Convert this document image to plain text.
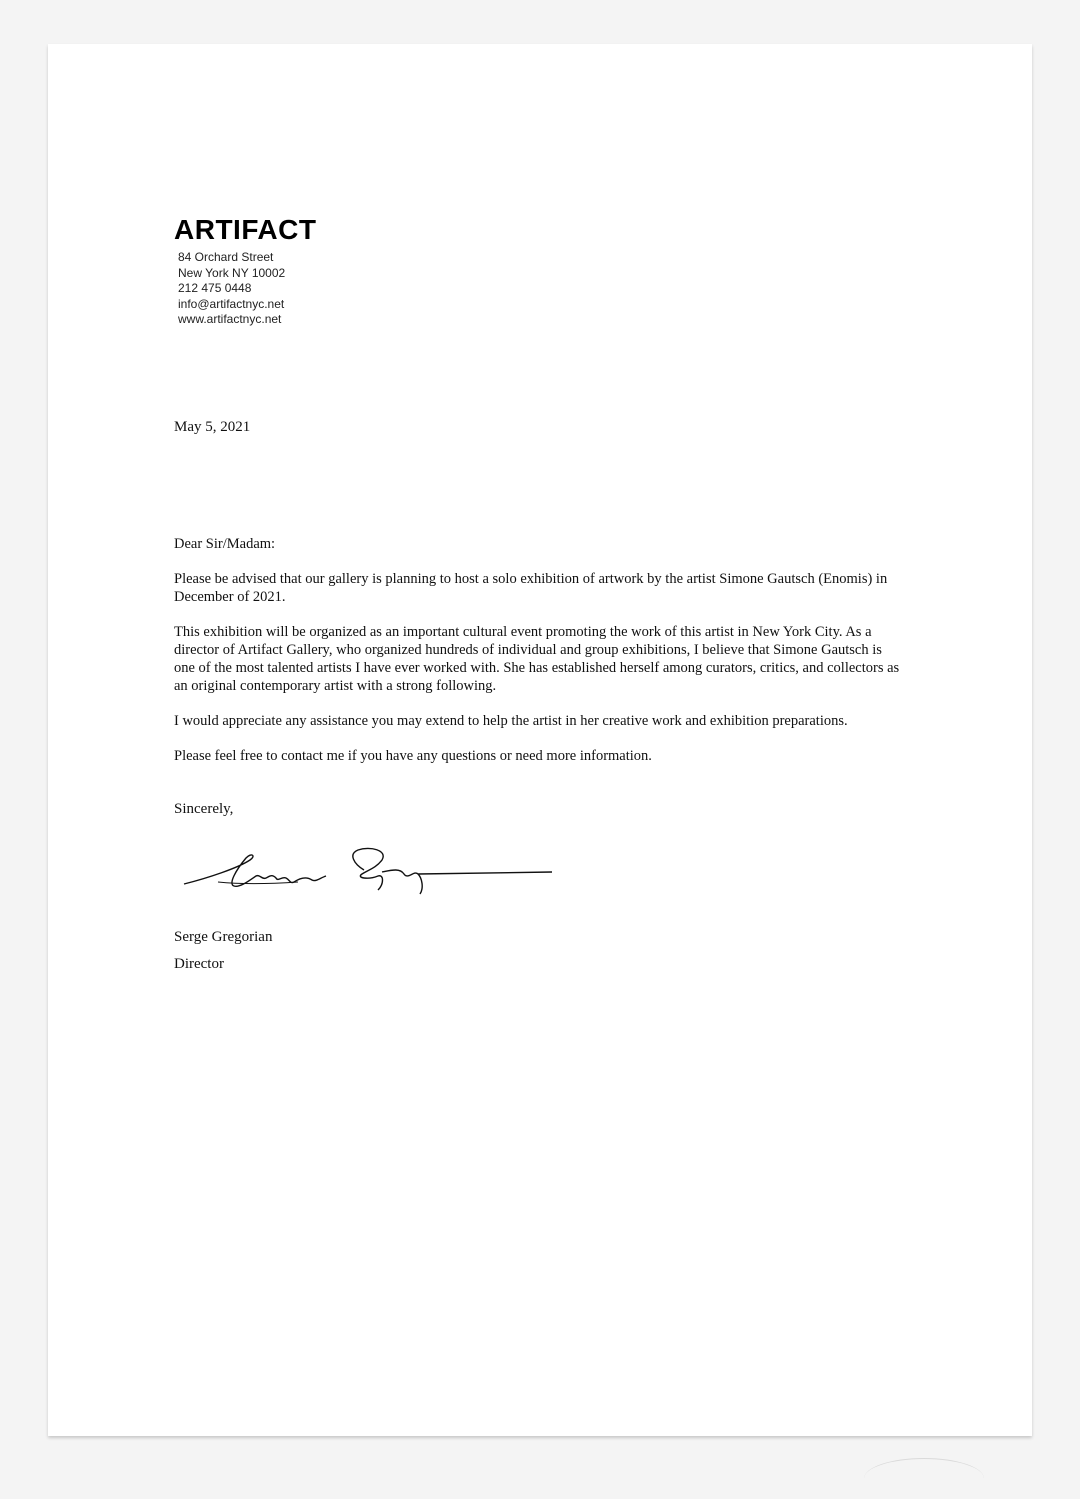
ARTIFACT
84 Orchard Street
New York NY 10002
212 475 0448
info@artifactnyc.net
www.artifactnyc.net
May 5, 2021

Dear Sir/Madam:

Please be advised that our gallery is planning to host a solo exhibition of artwork by the artist Simone Gautsch (Enomis) in December of 2021.

This exhibition will be organized as an important cultural event promoting the work of this artist in New York City. As a director of Artifact Gallery, who organized hundreds of individual and group exhibitions, I believe that Simone Gautsch is one of the most talented artists I have ever worked with. She has established herself among curators, critics, and collectors as an original contemporary artist with a strong following.

I would appreciate any assistance you may extend to help the artist in her creative work and exhibition preparations.

Please feel free to contact me if you have any questions or need more information.

Sincerely,
Serge Gregorian
Director
